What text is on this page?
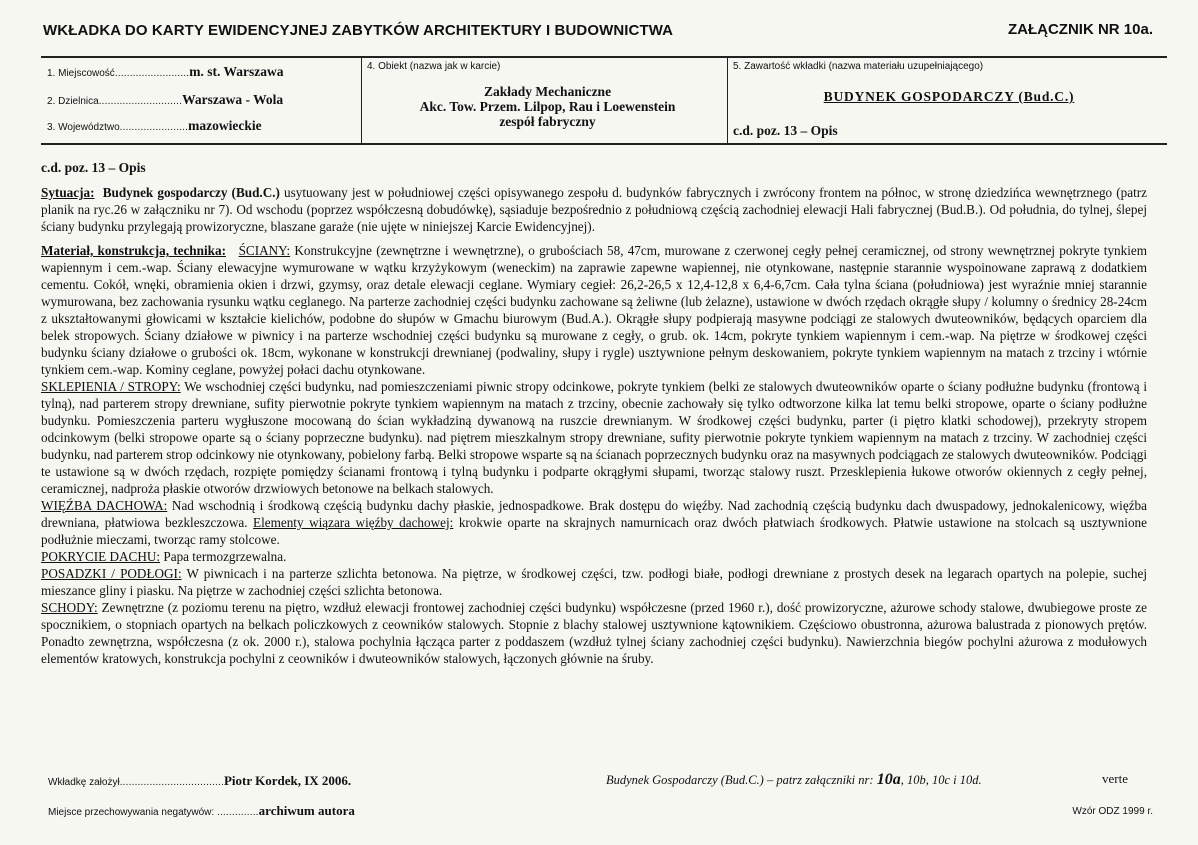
WKŁADKA DO KARTY EWIDENCYJNEJ ZABYTKÓW ARCHITEKTURY I BUDOWNICTWA	ZAŁĄCZNIK NR 10a.
1. Miejscowość.........................m. st. Warszawa
2. Dzielnica............................Warszawa - Wola
3. Województwo.......................mazowieckie
4. Obiekt (nazwa jak w karcie)
Zakłady Mechaniczne
Akc. Tow. Przem. Lilpop, Rau i Loewenstein
zespół fabryczny
5. Zawartość wkładki (nazwa materiału uzupełniającego)
BUDYNEK GOSPODARCZY (Bud.C.)
c.d. poz. 13 – Opis
c.d. poz. 13 – Opis

Sytuacja: Budynek gospodarczy (Bud.C.) usytuowany jest w południowej części opisywanego zespołu d. budynków fabrycznych i zwrócony frontem na północ, w stronę dziedzińca wewnętrznego (patrz planik na ryc.26 w załączniku nr 7). Od wschodu (poprzez współczesną dobudówkę), sąsiaduje bezpośrednio z południową częścią zachodniej elewacji Hali fabrycznej (Bud.B.). Od południa, do tylnej, ślepej ściany budynku przylegają prowizoryczne, blaszane garaże (nie ujęte w niniejszej Karcie Ewidencyjnej).

Materiał, konstrukcja, technika: ŚCIANY: Konstrukcyjne (zewnętrzne i wewnętrzne), o grubościach 58, 47cm, murowane z czerwonej cegły pełnej ceramicznej, od strony wewnętrznej pokryte tynkiem wapiennym i cem.-wap. Ściany elewacyjne wymurowane w wątku krzyżykowym (weneckim) na zaprawie zapewne wapiennej, nie otynkowane, następnie starannie wyspoinowane zaprawą z dodatkiem cementu. Cokół, wnęki, obramienia okien i drzwi, gzymsy, oraz detale elewacji ceglane. Wymiary cegieł: 26,2-26,5 x 12,4-12,8 x 6,4-6,7cm. Cała tylna ściana (południowa) jest wyraźnie mniej starannie wymurowana, bez zachowania rysunku wątku ceglanego. Na parterze zachodniej części budynku zachowane są żeliwne (lub żelazne), ustawione w dwóch rzędach okrągłe słupy / kolumny o średnicy 28-24cm z ukształtowanymi głowicami w kształcie kielichów, podobne do słupów w Gmachu biurowym (Bud.A.). Okrągłe słupy podpierają masywne podciągi ze stalowych dwuteowników, będących oparciem dla belek stropowych. Ściany działowe w piwnicy i na parterze wschodniej części budynku są murowane z cegły, o grub. ok. 14cm, pokryte tynkiem wapiennym i cem.-wap. Na piętrze w środkowej części budynku ściany działowe o grubości ok. 18cm, wykonane w konstrukcji drewnianej (podwaliny, słupy i rygle) usztywnione pełnym deskowaniem, pokryte tynkiem wapiennym na matach z trzciny i wtórnie tynkiem cem.-wap. Kominy ceglane, powyżej połaci dachu otynkowane.

SKLEPIENIA / STROPY: We wschodniej części budynku, nad pomieszczeniami piwnic stropy odcinkowe, pokryte tynkiem (belki ze stalowych dwuteowników oparte o ściany podłużne budynku (frontową i tylną), nad parterem stropy drewniane, sufity pierwotnie pokryte tynkiem wapiennym na matach z trzciny, obecnie zachowały się tylko odtworzone kilka lat temu belki stropowe, oparte o ściany podłużne budynku. Pomieszczenia parteru wygłuszone mocowaną do ścian wykładziną dywanową na ruszcie drewnianym. W środkowej części budynku, parter (i piętro klatki schodowej), przekryty stropem odcinkowym (belki stropowe oparte są o ściany poprzeczne budynku). nad piętrem mieszkalnym stropy drewniane, sufity pierwotnie pokryte tynkiem wapiennym na matach z trzciny. W zachodniej części budynku, nad parterem strop odcinkowy nie otynkowany, pobielony farbą. Belki stropowe wsparte są na ścianach poprzecznych budynku oraz na masywnych podciągach ze stalowych dwuteowników. Podciągi te ustawione są w dwóch rzędach, rozpięte pomiędzy ścianami frontową i tylną budynku i podparte okrągłymi słupami, tworząc stalowy ruszt. Przesklepienia łukowe otworów okiennych z cegły pełnej, ceramicznej, nadproża płaskie otworów drzwiowych betonowe na belkach stalowych.

WIĘŹBA DACHOWA: Nad wschodnią i środkową częścią budynku dachy płaskie, jednospadkowe. Brak dostępu do więźby. Nad zachodnią częścią budynku dach dwuspadowy, jednokalenicowy, więźba drewniana, płatwiowa bezkleszczowa. Elementy wiązara więźby dachowej: krokwie oparte na skrajnych namurnicach oraz dwóch płatwiach środkowych. Płatwie ustawione na stolcach są usztywnione podłużnie mieczami, tworząc ramy stolcowe.

POKRYCIE DACHU: Papa termozgrzewalna.

POSADZKI / PODŁOGI: W piwnicach i na parterze szlichta betonowa. Na piętrze, w środkowej części, tzw. podłogi białe, podłogi drewniane z prostych desek na legarach opartych na polepie, suchej mieszance gliny i piasku. Na piętrze w zachodniej części szlichta betonowa.

SCHODY: Zewnętrzne (z poziomu terenu na piętro, wzdłuż elewacji frontowej zachodniej części budynku) współczesne (przed 1960 r.), dość prowizoryczne, ażurowe schody stalowe, dwubiegowe proste ze spocznikiem, o stopniach opartych na belkach policzkowych z ceowników stalowych. Stopnie z blachy stalowej usztywnione kątownikiem. Częściowo obustronna, ażurowa balustrada z pionowych prętów. Ponadto zewnętrzna, współczesna (z ok. 2000 r.), stalowa pochylnia łącząca parter z poddaszem (wzdłuż tylnej ściany zachodniej części budynku). Nawierzchnia biegów pochylni ażurowa z modułowych elementów kratowych, konstrukcja pochylni z ceowników i dwuteowników stalowych, łączonych głównie na śruby.

Wkładkę założył...................................Piotr Kordek, IX 2006.	Budynek Gospodarczy (Bud.C.) – patrz załączniki nr: 10a, 10b, 10c i 10d.	verte
Miejsce przechowywania negatywów: ..............archiwum autora	Wzór ODZ 1999 r.
